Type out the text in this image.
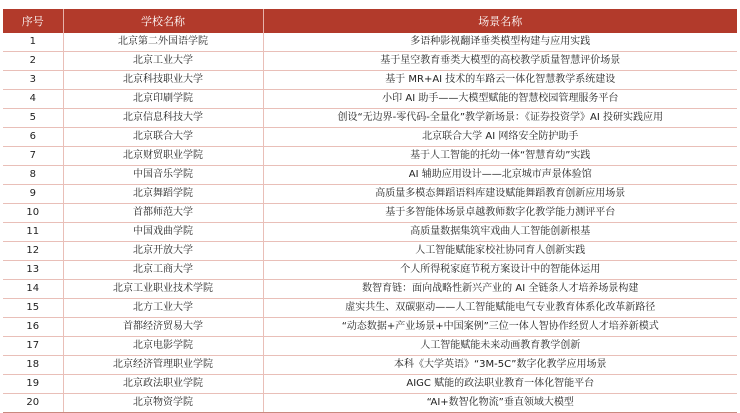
序号	学校名称	场景名称
1	北京第二外国语学院	多语种影视翻译垂类模型构建与应用实践
2	北京工业大学	基于星空教育垂类大模型的高校教学质量智慧评价场景
3	北京科技职业大学	基于 MR+AI 技术的车路云一体化智慧教学系统建设
4	北京印刷学院	小印 AI 助手——大模型赋能的智慧校园管理服务平台
5	北京信息科技大学	创设“无边界-零代码-全量化”教学新场景：《证券投资学》AI 投研实践应用
6	北京联合大学	北京联合大学 AI 网络安全防护助手
7	北京财贸职业学院	基于人工智能的托幼一体“智慧育幼”实践
8	中国音乐学院	AI 辅助应用设计——北京城市声景体验馆
9	北京舞蹈学院	高质量多模态舞蹈语料库建设赋能舞蹈教育创新应用场景
10	首都师范大学	基于多智能体场景卓越教师数字化教学能力测评平台
11	中国戏曲学院	高质量数据集筑牢戏曲人工智能创新根基
12	北京开放大学	人工智能赋能家校社协同育人创新实践
13	北京工商大学	个人所得税家庭节税方案设计中的智能体运用
14	北京工业职业技术学院	数智育链：面向战略性新兴产业的 AI 全链条人才培养场景构建
15	北方工业大学	虚实共生、双碳驱动——人工智能赋能电气专业教育体系化改革新路径
16	首都经济贸易大学	“动态数据+产业场景+中国案例”三位一体人智协作经贸人才培养新模式
17	北京电影学院	人工智能赋能未来动画教育教学创新
18	北京经济管理职业学院	本科《大学英语》“3M-5C”数字化教学应用场景
19	北京政法职业学院	AIGC 赋能的政法职业教育一体化智能平台
20	北京物资学院	“AI+数智化物流”垂直领域大模型
